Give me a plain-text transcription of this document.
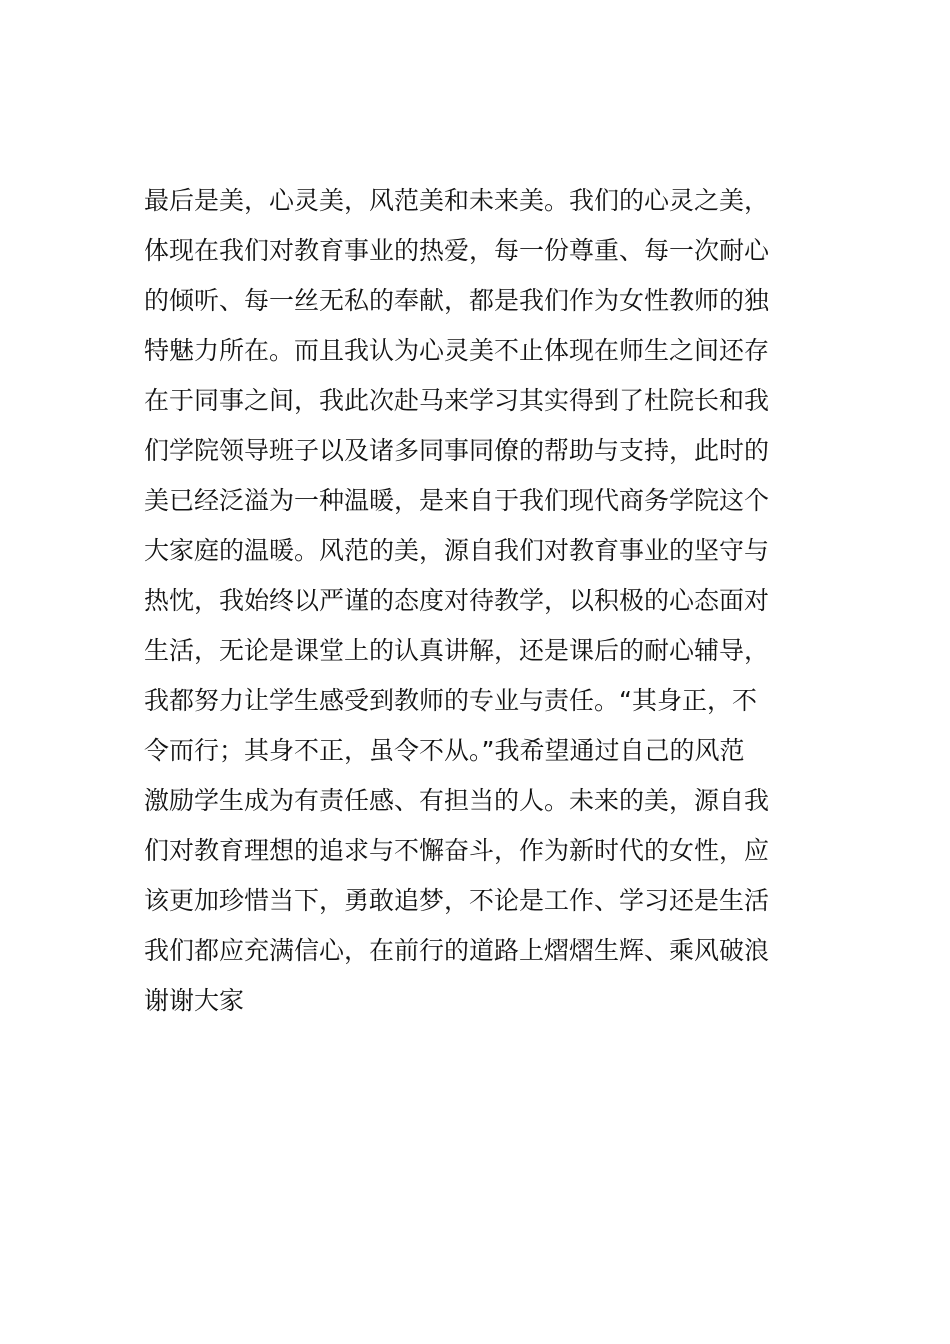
最后是美，心灵美，风范美和未来美。我们的心灵之美，
体现在我们对教育事业的热爱，每一份尊重、每一次耐心
的倾听、每一丝无私的奉献，都是我们作为女性教师的独
特魅力所在。而且我认为心灵美不止体现在师生之间还存
在于同事之间，我此次赴马来学习其实得到了杜院长和我
们学院领导班子以及诸多同事同僚的帮助与支持，此时的
美已经泛溢为一种温暖，是来自于我们现代商务学院这个
大家庭的温暖。风范的美，源自我们对教育事业的坚守与
热忱，我始终以严谨的态度对待教学，以积极的心态面对
生活，无论是课堂上的认真讲解，还是课后的耐心辅导，
我都努力让学生感受到教师的专业与责任。“其身正，不
令而行；其身不正，虽令不从。”我希望通过自己的风范
激励学生成为有责任感、有担当的人。未来的美，源自我
们对教育理想的追求与不懈奋斗，作为新时代的女性，应
该更加珍惜当下，勇敢追梦，不论是工作、学习还是生活
我们都应充满信心，在前行的道路上熠熠生辉、乘风破浪
谢谢大家
